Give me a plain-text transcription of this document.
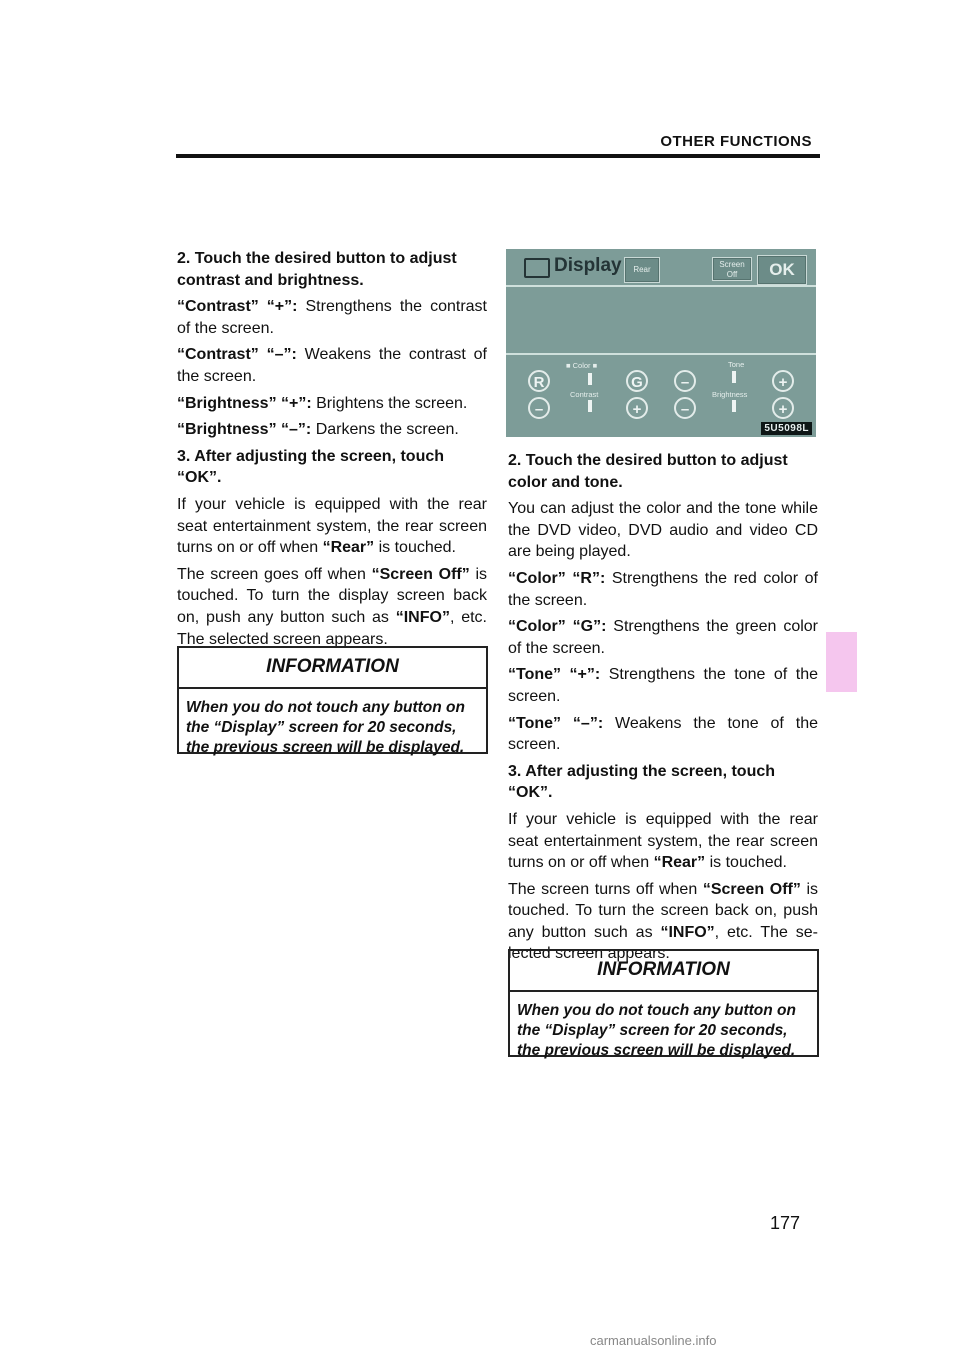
OTHER FUNCTIONS

2. Touch the desired button to adjust contrast and brightness.

“Contrast” “+”: Strengthens the contrast of the screen.

“Contrast” “–”: Weakens the contrast of the screen.

“Brightness” “+”: Brightens the screen.

“Brightness” “–”: Darkens the screen.

3. After adjusting the screen, touch “OK”.

If your vehicle is equipped with the rear seat entertainment system, the rear screen turns on or off when “Rear” is touched.

The screen goes off when “Screen Off” is touched. To turn the display screen back on, push any button such as “INFO”, etc. The selected screen appears.

INFORMATION
When you do not touch any button on the “Display” screen for 20 seconds, the previous screen will be displayed.
Display	Rear
Screen
Off	OK
■ Color ■	Tone
R	G	–	+
Contrast	Brightness
–	+	–	+
5U5098L

2. Touch the desired button to adjust color and tone.

You can adjust the color and the tone while the DVD video, DVD audio and video CD are being played.

“Color” “R”: Strengthens the red color of the screen.

“Color” “G”: Strengthens the green color of the screen.

“Tone” “+”: Strengthens the tone of the screen.

“Tone” “–”: Weakens the tone of the screen.

3. After adjusting the screen, touch “OK”.

If your vehicle is equipped with the rear seat entertainment system, the rear screen turns on or off when “Rear” is touched.

The screen turns off when “Screen Off” is touched. To turn the screen back on, push any button such as “INFO”, etc. The se-lected screen appears.

INFORMATION
When you do not touch any button on the “Display” screen for 20 seconds, the previous screen will be displayed.
177
carmanualsonline.info
